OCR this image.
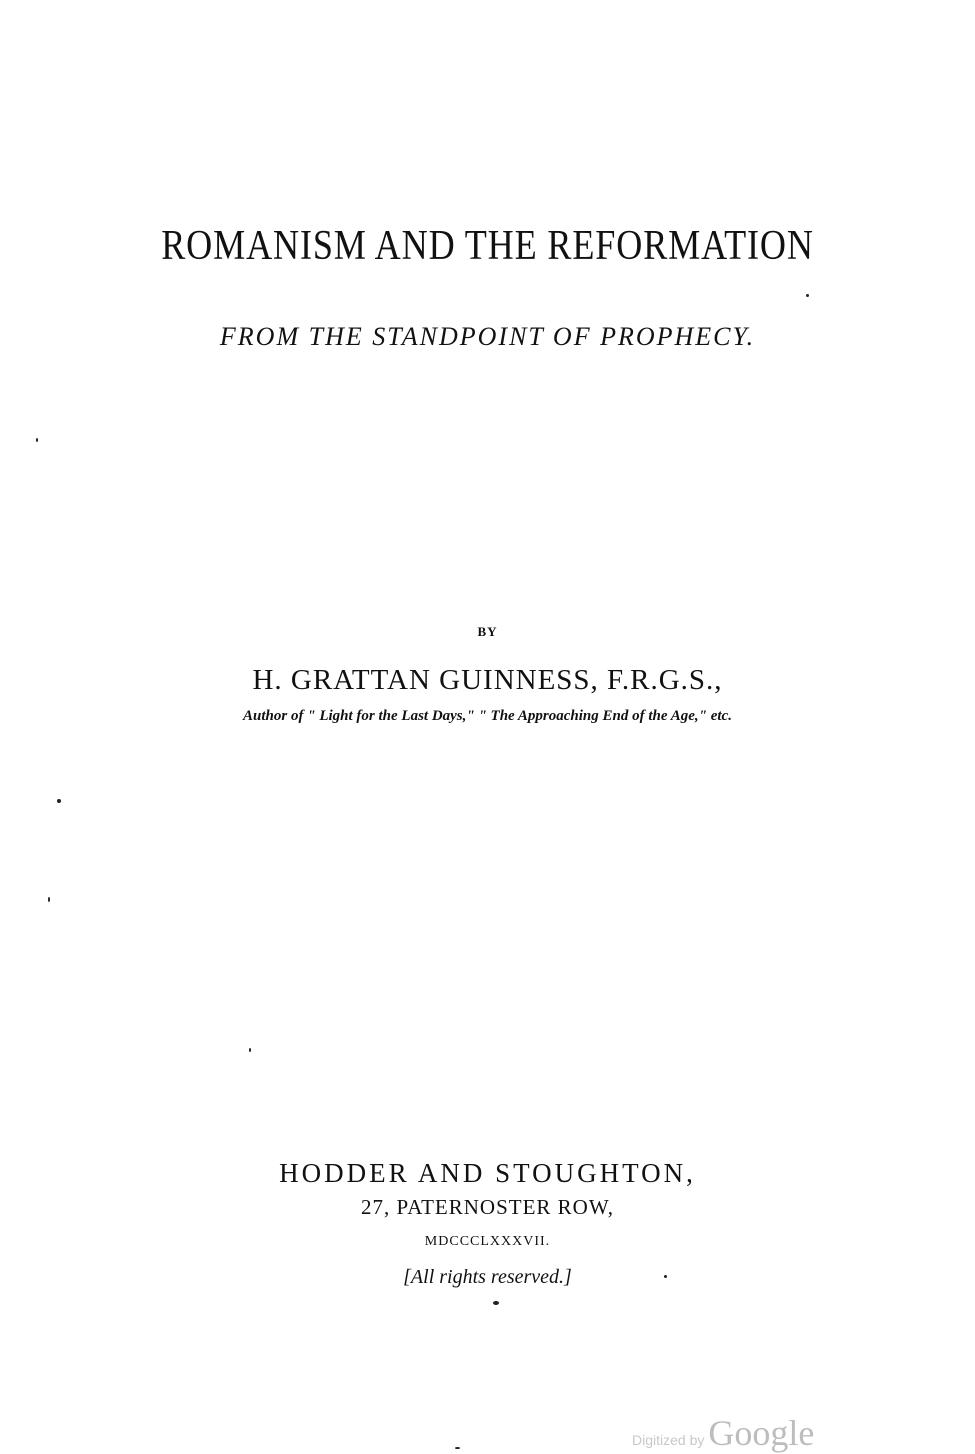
ROMANISM AND THE REFORMATION
FROM THE STANDPOINT OF PROPHECY.
BY
H. GRATTAN GUINNESS, F.R.G.S.,
Author of " Light for the Last Days," " The Approaching End of the Age," etc.
HODDER AND STOUGHTON,
27, PATERNOSTER ROW,
MDCCCLXXXVII.
[All rights reserved.]
Digitized by Google
